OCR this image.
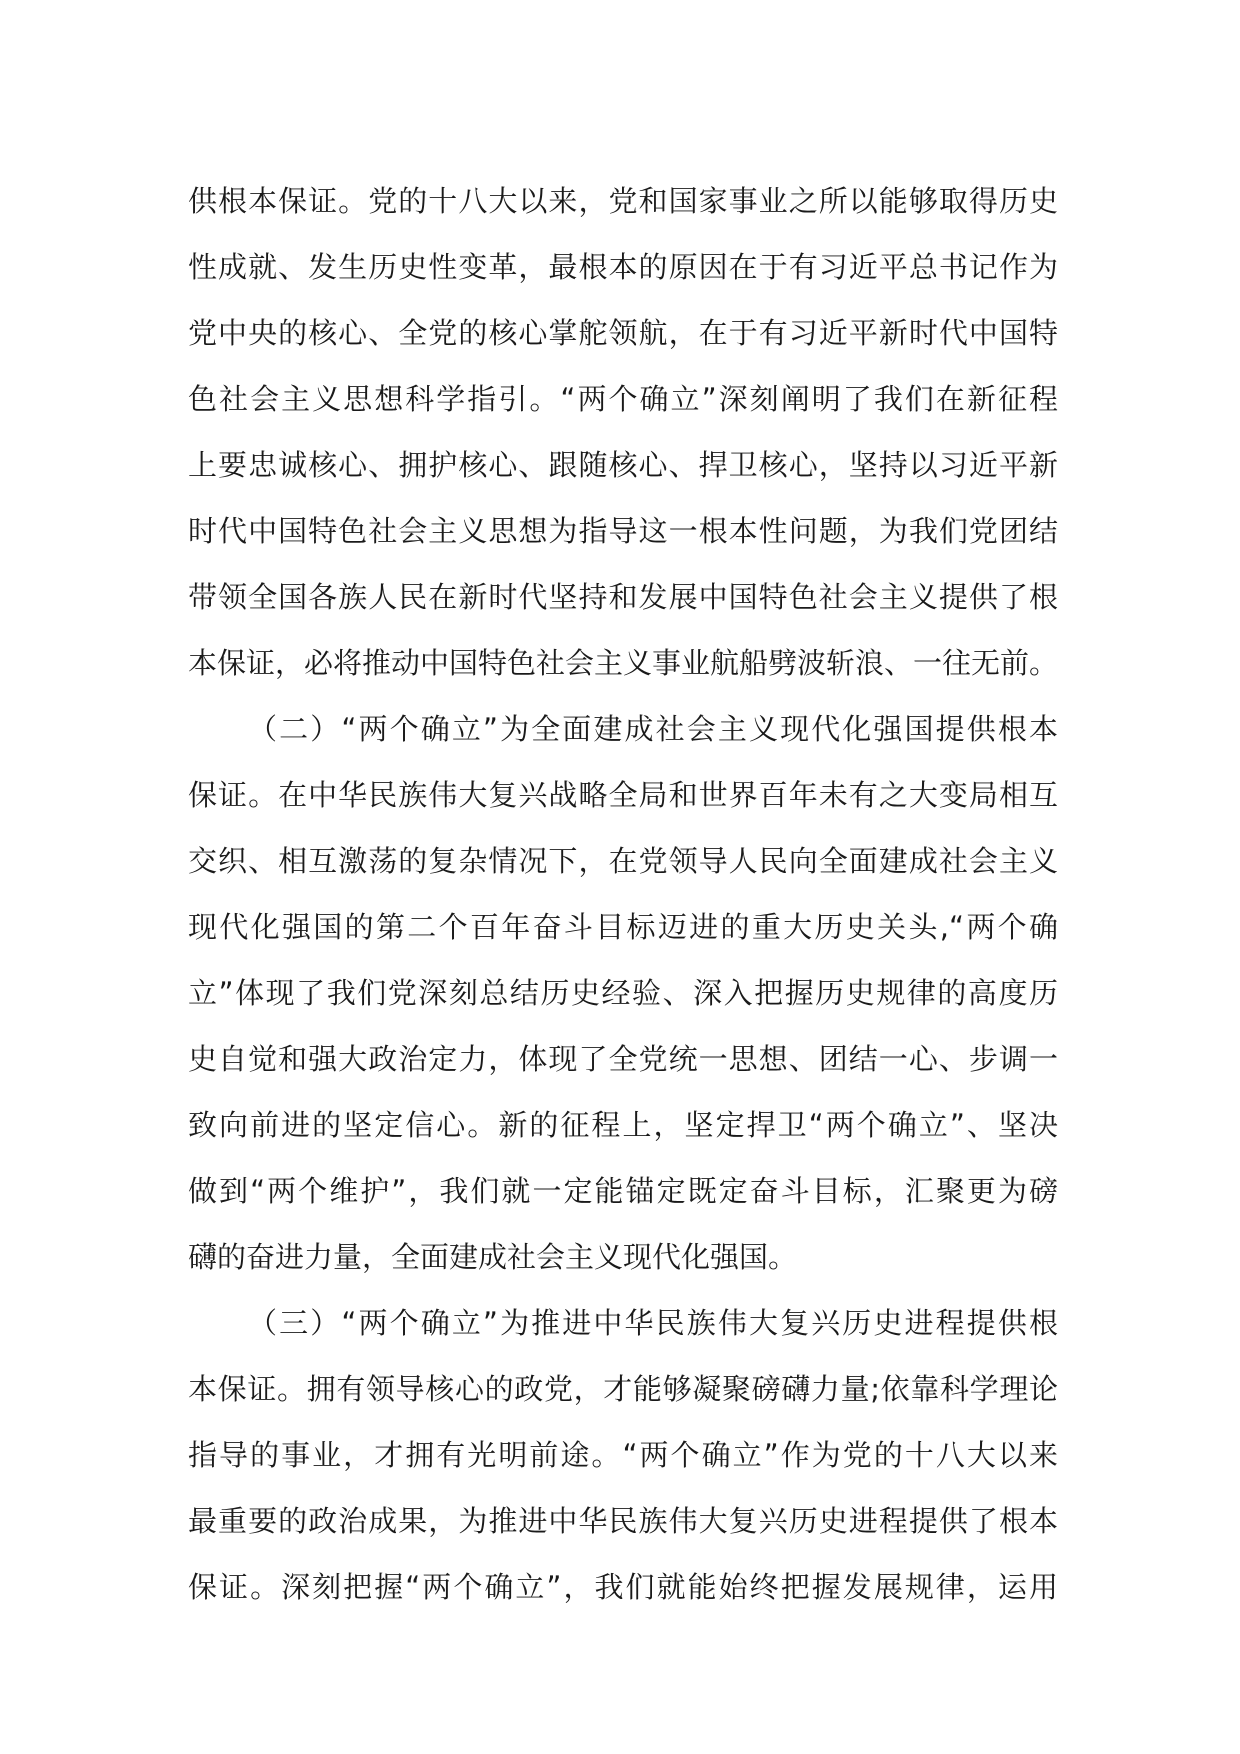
供根本保证。党的十八大以来，党和国家事业之所以能够取得历史
性成就、发生历史性变革，最根本的原因在于有习近平总书记作为
党中央的核心、全党的核心掌舵领航，在于有习近平新时代中国特
色社会主义思想科学指引。“两个确立”深刻阐明了我们在新征程
上要忠诚核心、拥护核心、跟随核心、捍卫核心，坚持以习近平新
时代中国特色社会主义思想为指导这一根本性问题，为我们党团结
带领全国各族人民在新时代坚持和发展中国特色社会主义提供了根
本保证，必将推动中国特色社会主义事业航船劈波斩浪、一往无前。
（二）“两个确立”为全面建成社会主义现代化强国提供根本
保证。在中华民族伟大复兴战略全局和世界百年未有之大变局相互
交织、相互激荡的复杂情况下，在党领导人民向全面建成社会主义
现代化强国的第二个百年奋斗目标迈进的重大历史关头,“两个确
立”体现了我们党深刻总结历史经验、深入把握历史规律的高度历
史自觉和强大政治定力，体现了全党统一思想、团结一心、步调一
致向前进的坚定信心。新的征程上，坚定捍卫“两个确立”、坚决
做到“两个维护”，我们就一定能锚定既定奋斗目标，汇聚更为磅
礴的奋进力量，全面建成社会主义现代化强国。
（三）“两个确立”为推进中华民族伟大复兴历史进程提供根
本保证。拥有领导核心的政党，才能够凝聚磅礴力量;依靠科学理论
指导的事业，才拥有光明前途。“两个确立”作为党的十八大以来
最重要的政治成果，为推进中华民族伟大复兴历史进程提供了根本
保证。深刻把握“两个确立”，我们就能始终把握发展规律，运用
